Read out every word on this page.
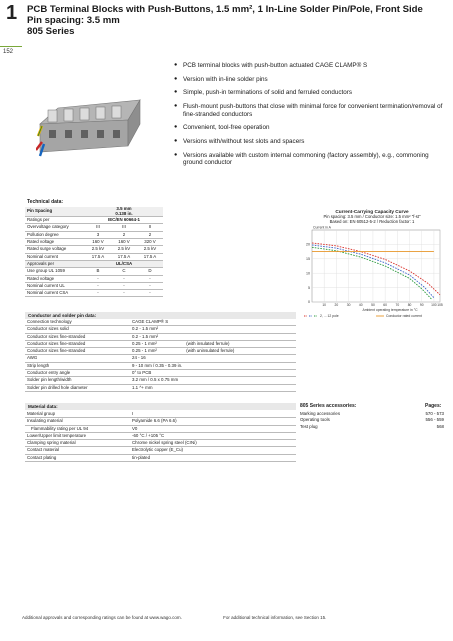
1
152
PCB Terminal Blocks with Push-Buttons, 1.5 mm², 1 In-Line Solder Pin/Pole, Front Side
Pin spacing: 3.5 mm
805 Series
● PCB terminal blocks with push-button actuated CAGE CLAMP® S
● Version with in-line solder pins
● Simple, push-in terminations of solid and ferruled conductors
● Flush-mount push-buttons that close with minimal force for convenient termination/removal of fine-stranded conductors
● Convenient, tool-free operation
● Versions with/without test slots and spacers
● Versions available with custom internal commoning (factory assembly), e.g., commoning ground conductor
Technical data:
Pin Spacing	3.5 mm
0.138 in.		
Ratings per	IEC/EN 60664-1		
Overvoltage category	III	III	II
Pollution degree	3	2	2
Rated voltage	160 V	160 V	320 V
Rated surge voltage	2.5 kV	2.5 kV	2.5 kV
Nominal current	17.5 A	17.5 A	17.5 A
Approvals per	UL/CSA		
Use group UL 1059	B	C	D
Rated voltage	-	-	-
Nominal current UL	-	-	-
Nominal current CSA	-	-	-
Current-Carrying Capacity Curve
Pin spacing: 3.5 mm / Conductor size: 1.5 mm² "f-st"
Based on: EN 60512-5-2 / Reduction factor: 1
0
5
10
15
20
10	20	30	40	50	60	70	80	90 100 105
Current in A
Ambient operating temperature in °C
2, ... 12 pole	Conductor rated current
Conductor and solder pin data:
Connection technology	CAGE CLAMP® S	
Conductor sizes solid	0.2 - 1.5 mm²	
Conductor sizes fine-stranded	0.2 - 1.5 mm²	
Conductor sizes fine-stranded	0.25 - 1 mm²	(with insulated ferrule)
Conductor sizes fine-stranded	0.25 - 1 mm²	(with uninsulated ferrule)
AWG	24 - 16	
Strip length	9 - 10 mm / 0.35 - 0.39 in.	
Conductor entry angle	0° to PCB	
Solder pin length/width	3.2 mm / 0.5 x 0.75 mm	
Solder pin drilled hole diameter	1.1 ^+ mm	
Material data:
Material group	I
Insulating material	Polyamide 6.6 (PA 6.6)
Flammability rating per UL 94	V0
Lower/Upper limit temperature	-60 °C / +105 °C
Clamping spring material	Chrome nickel spring steel (CrNi)
Contact material	Electrolytic copper (E_Cu)
Contact plating	tin-plated
805 Series accessories:	Pages:
Marking accessories	570 - 573
Operating tools	556 - 559
Test plug	568
Additional approvals and corresponding ratings can be found at www.wago.com.	For additional technical information, see Section 15.
